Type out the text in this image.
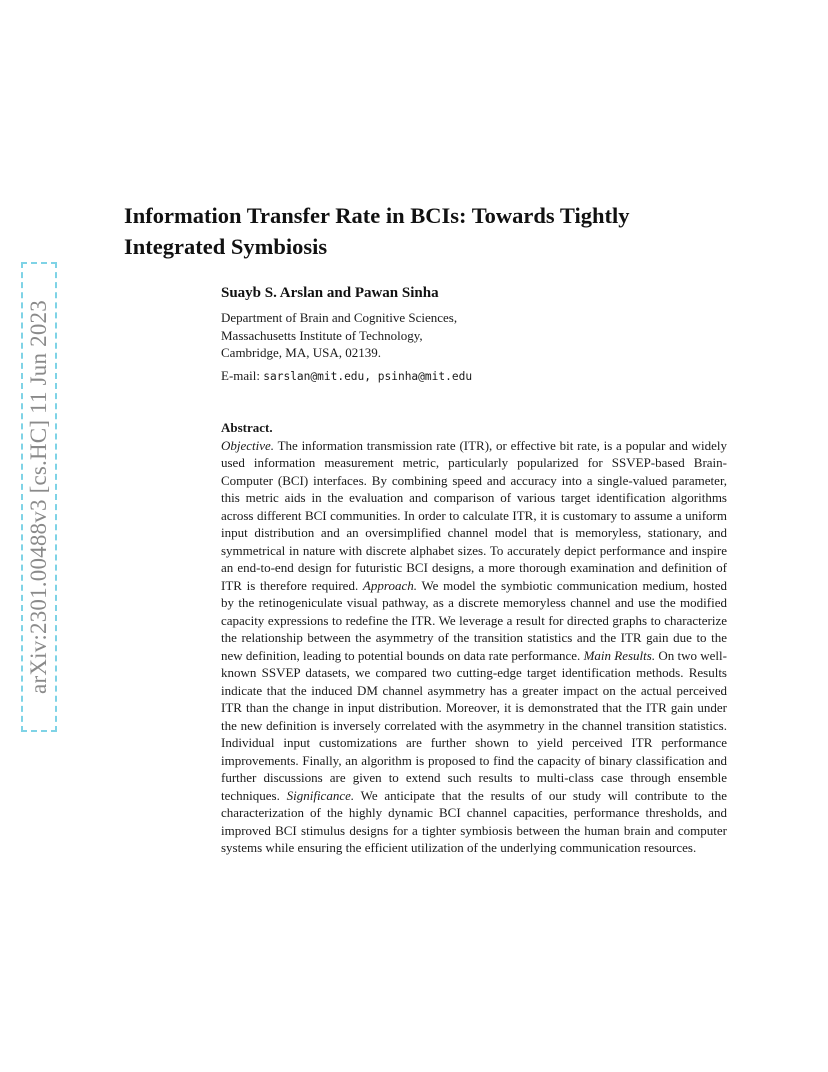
arXiv:2301.00488v3 [cs.HC] 11 Jun 2023
Information Transfer Rate in BCIs: Towards Tightly Integrated Symbiosis
Suayb S. Arslan and Pawan Sinha
Department of Brain and Cognitive Sciences,
Massachusetts Institute of Technology,
Cambridge, MA, USA, 02139.
E-mail: sarslan@mit.edu, psinha@mit.edu
Abstract.
Objective. The information transmission rate (ITR), or effective bit rate, is a popular and widely used information measurement metric, particularly popularized for SSVEP-based Brain-Computer (BCI) interfaces. By combining speed and accuracy into a single-valued parameter, this metric aids in the evaluation and comparison of various target identification algorithms across different BCI communities. In order to calculate ITR, it is customary to assume a uniform input distribution and an oversimplified channel model that is memoryless, stationary, and symmetrical in nature with discrete alphabet sizes. To accurately depict performance and inspire an end-to-end design for futuristic BCI designs, a more thorough examination and definition of ITR is therefore required. Approach. We model the symbiotic communication medium, hosted by the retinogeniculate visual pathway, as a discrete memoryless channel and use the modified capacity expressions to redefine the ITR. We leverage a result for directed graphs to characterize the relationship between the asymmetry of the transition statistics and the ITR gain due to the new definition, leading to potential bounds on data rate performance. Main Results. On two well-known SSVEP datasets, we compared two cutting-edge target identification methods. Results indicate that the induced DM channel asymmetry has a greater impact on the actual perceived ITR than the change in input distribution. Moreover, it is demonstrated that the ITR gain under the new definition is inversely correlated with the asymmetry in the channel transition statistics. Individual input customizations are further shown to yield perceived ITR performance improvements. Finally, an algorithm is proposed to find the capacity of binary classification and further discussions are given to extend such results to multi-class case through ensemble techniques. Significance. We anticipate that the results of our study will contribute to the characterization of the highly dynamic BCI channel capacities, performance thresholds, and improved BCI stimulus designs for a tighter symbiosis between the human brain and computer systems while ensuring the efficient utilization of the underlying communication resources.
